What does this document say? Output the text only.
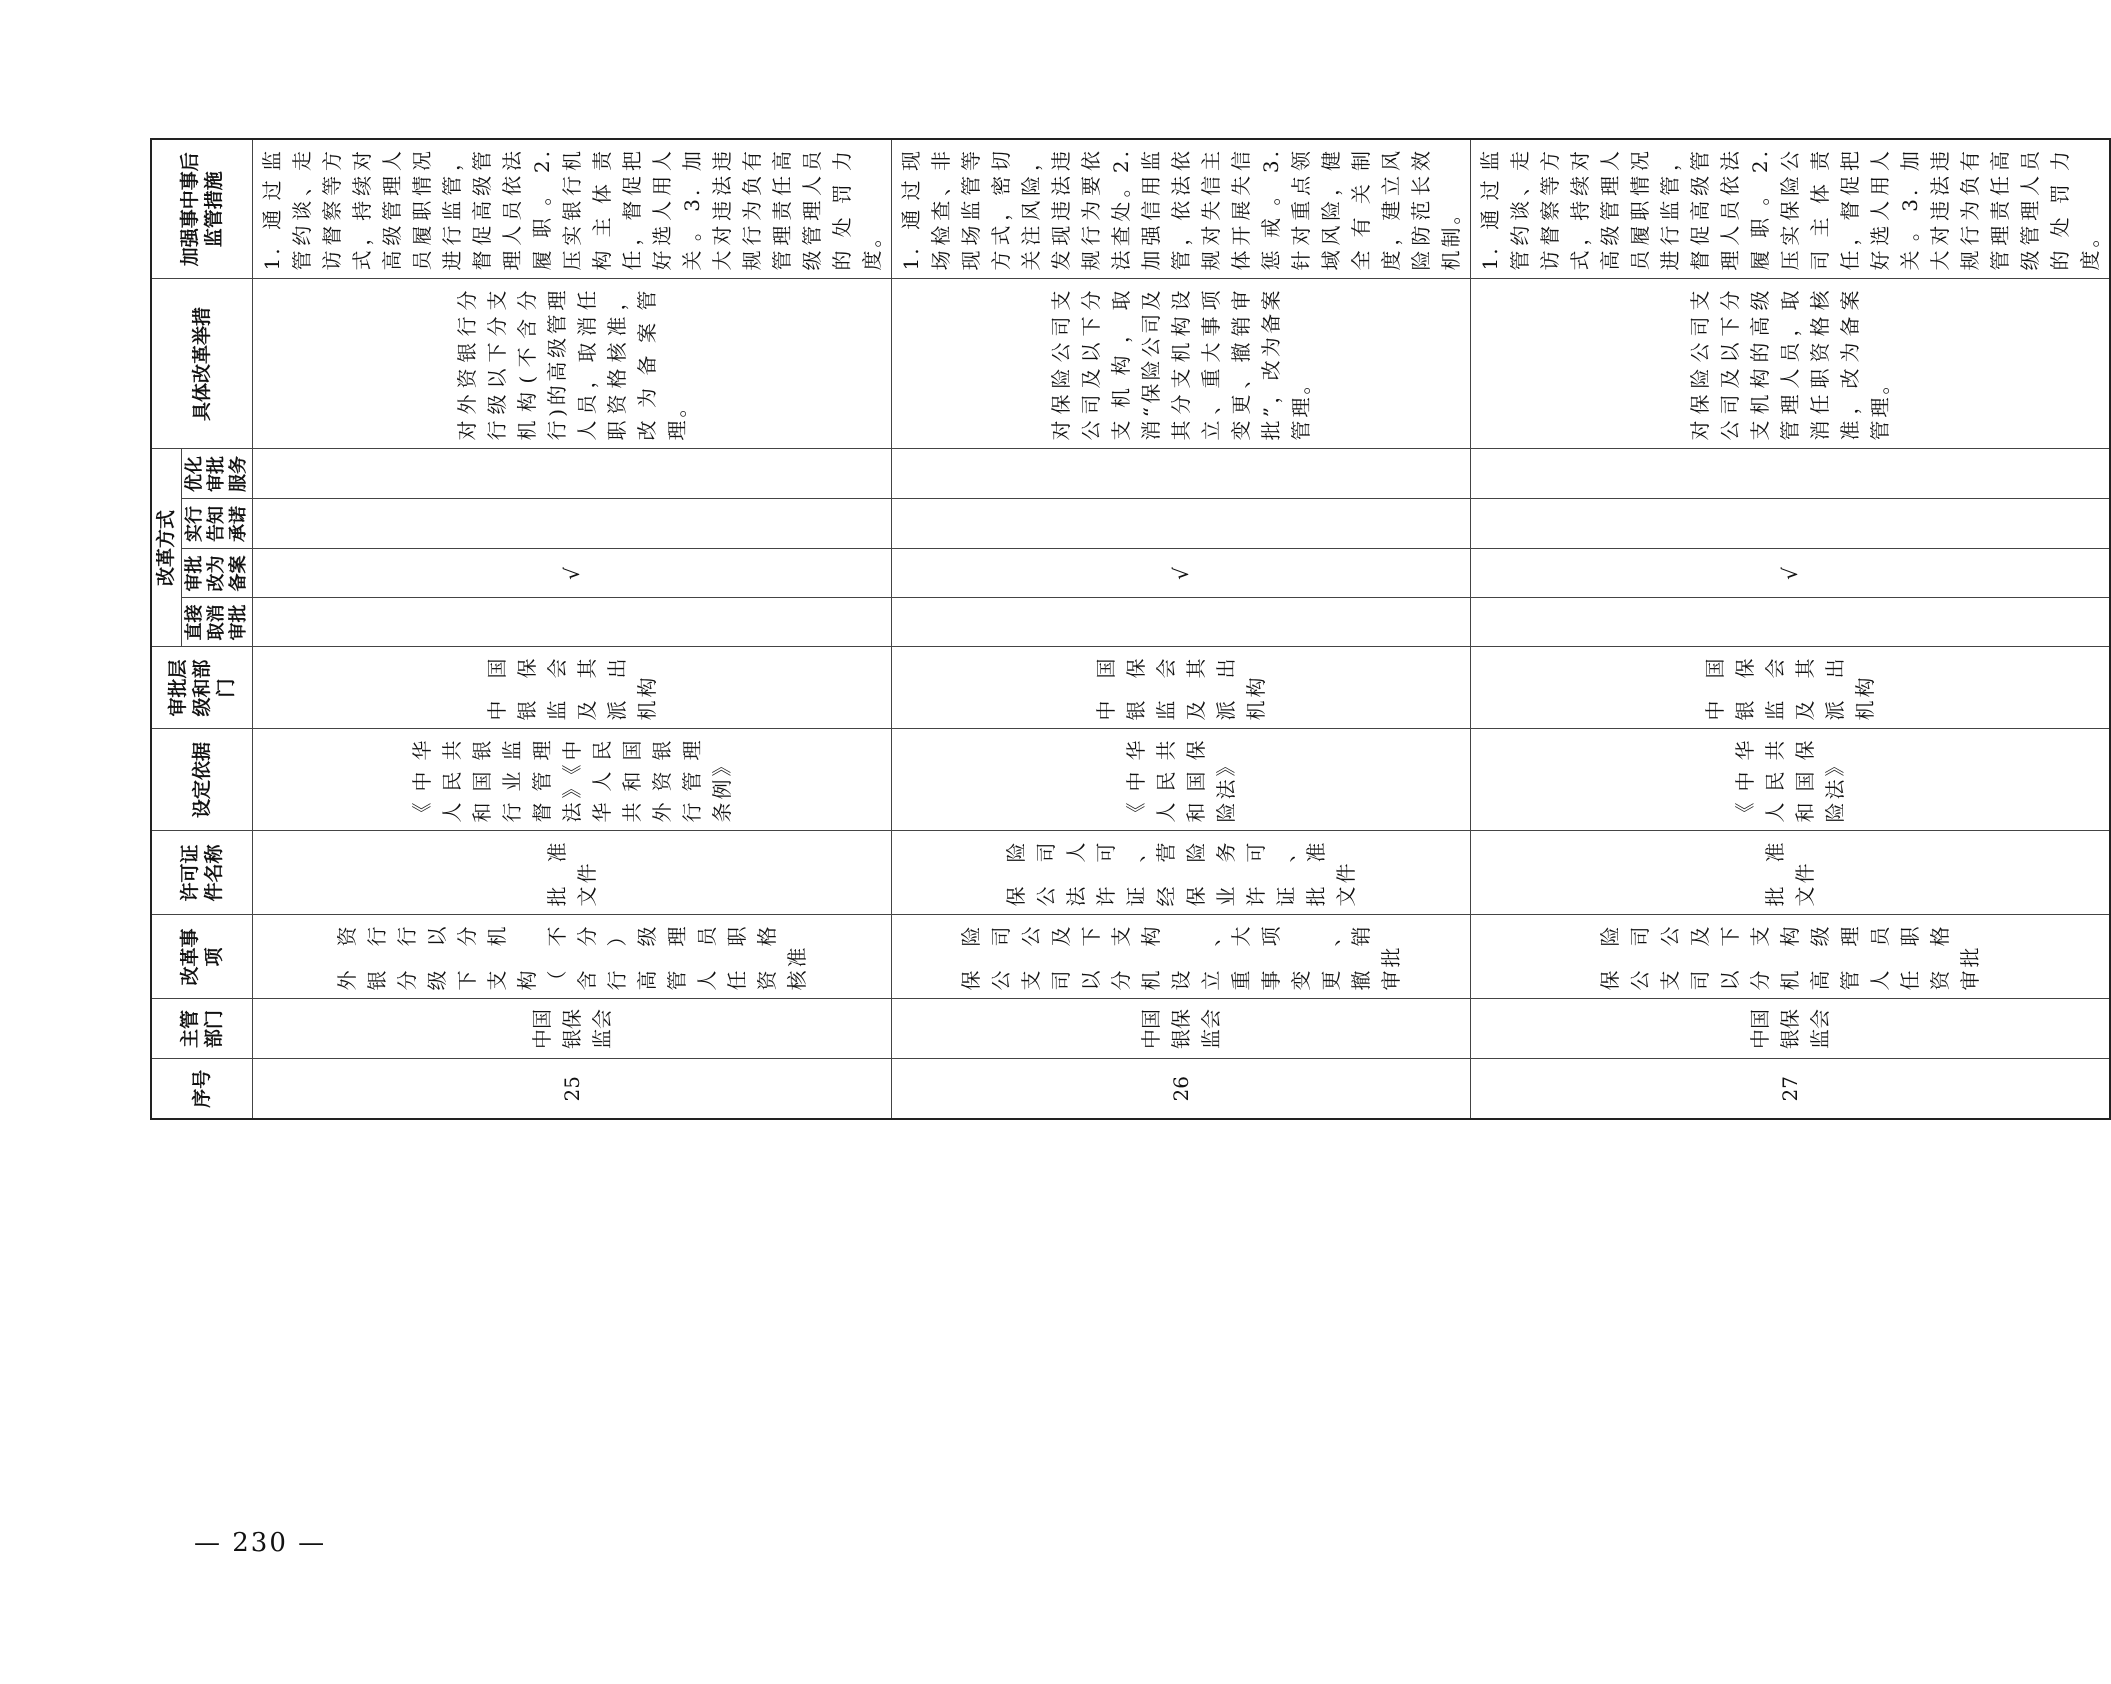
序号	主管部门	改革事项	许可证件名称	设定依据	审批层级和部门	改革方式				具体改革举措	加强事中事后监管措施
						直接取消审批	审批改为备案	实行告知承诺	优化审批服务		
25	中国银保监会	外资银行分行级以下分支机构（不含分行）高级管理人员任职资格核准	批准文件	《中华人民共和国银行业监督管理法》《中华人民共和国外资银行管理条例》	中国银保监会及其派出机构		√			对外资银行分行级以下分支机构(不含分行)的高级管理人员，取消任职资格核准，改为备案管理。	1. 通过监管约谈、走访督察等方式，持续对高级管理人员履职情况进行监管，督促高级管理人员依法履职。2. 压实银行机构主体责任，督促把好选人用人关。3. 加大对违法违规行为负有管理责任高级管理人员的处罚力度。
26	中国银保监会	保险公司支公司及以下分支机构设立、重大事项变更、撤销审批	保险公司法人许可证、经营保险业务许可证、批准文件	《中华人民共和国保险法》	中国银保监会及其派出机构		√			对保险公司支公司及以下分支机构，取消“保险公司及其分支机构设立、重大事项变更、撤销审批”，改为备案管理。	1. 通过现场检查、非现场监管等方式，密切关注风险，发现违法违规行为要依法查处。2. 加强信用监管，依法依规对失信主体开展失信惩戒。3. 针对重点领域风险，健全有关制度，建立风险防范长效机制。
27	中国银保监会	保险公司支公司及以下分支机构高级管理人员任职资格审批	批准文件	《中华人民共和国保险法》	中国银保监会及其派出机构		√			对保险公司支公司及以下分支机构的高级管理人员，取消任职资格核准，改为备案管理。	1. 通过监管约谈、走访督察等方式，持续对高级管理人员履职情况进行监管，督促高级管理人员依法履职。2. 压实保险公司主体责任，督促把好选人用人关。3. 加大对违法违规行为负有管理责任高级管理人员的处罚力度。
— 230 —
